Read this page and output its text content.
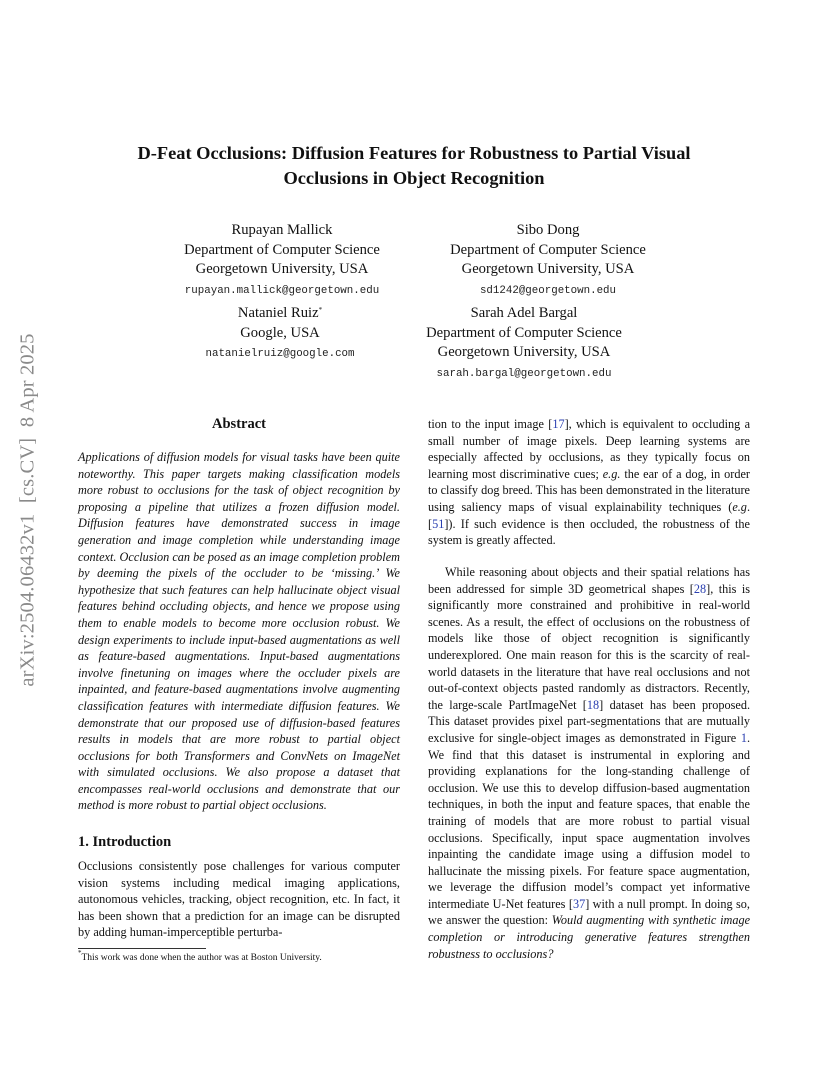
D-Feat Occlusions: Diffusion Features for Robustness to Partial Visual
Occlusions in Object Recognition
Rupayan Mallick
Department of Computer Science
Georgetown University, USA
rupayan.mallick@georgetown.edu
Sibo Dong
Department of Computer Science
Georgetown University, USA
sd1242@georgetown.edu
Nataniel Ruiz*
Google, USA
natanielruiz@google.com
Sarah Adel Bargal
Department of Computer Science
Georgetown University, USA
sarah.bargal@georgetown.edu
arXiv:2504.06432v1  [cs.CV]  8 Apr 2025	Abstract

Applications of diffusion models for visual tasks have been quite noteworthy. This paper targets making classification models more robust to occlusions for the task of object recognition by proposing a pipeline that utilizes a frozen diffusion model. Diffusion features have demonstrated success in image generation and image completion while understanding image context. Occlusion can be posed as an image completion problem by deeming the pixels of the occluder to be ‘missing.’ We hypothesize that such features can help hallucinate object visual features behind occluding objects, and hence we propose using them to enable models to become more occlusion robust. We design experiments to include input-based augmentations as well as feature-based augmentations. Input-based augmentations involve finetuning on images where the occluder pixels are inpainted, and feature-based augmentations involve augmenting classification features with intermediate diffusion features. We demonstrate that our proposed use of diffusion-based features results in models that are more robust to partial object occlusions for both Transformers and ConvNets on ImageNet with simulated occlusions. We also propose a dataset that encompasses real-world occlusions and demonstrate that our method is more robust to partial object occlusions.

1. Introduction

Occlusions consistently pose challenges for various computer vision systems including medical imaging applications, autonomous vehicles, tracking, object recognition, etc. In fact, it has been shown that a prediction for an image can be disrupted by adding human-imperceptible perturba-

*This work was done when the author was at Boston University.

tion to the input image [17], which is equivalent to occluding a small number of image pixels. Deep learning systems are especially affected by occlusions, as they typically focus on learning most discriminative cues; e.g. the ear of a dog, in order to classify dog breed. This has been demonstrated in the literature using saliency maps of visual explainability techniques (e.g. [51]). If such evidence is then occluded, the robustness of the system is greatly affected.

While reasoning about objects and their spatial relations has been addressed for simple 3D geometrical shapes [28], this is significantly more constrained and prohibitive in real-world scenes. As a result, the effect of occlusions on the robustness of models like those of object recognition is significantly underexplored. One main reason for this is the scarcity of real-world datasets in the literature that have real occlusions and not out-of-context objects pasted randomly as distractors. Recently, the large-scale PartImageNet [18] dataset has been proposed. This dataset provides pixel part-segmentations that are mutually exclusive for single-object images as demonstrated in Figure 1. We find that this dataset is instrumental in exploring and providing explanations for the long-standing challenge of occlusion. We use this to develop diffusion-based augmentation techniques, in both the input and feature spaces, that enable the training of models that are more robust to partial visual occlusions. Specifically, input space augmentation involves inpainting the candidate image using a diffusion model to hallucinate the missing pixels. For feature space augmentation, we leverage the diffusion model’s compact yet informative intermediate U-Net features [37] with a null prompt. In doing so, we answer the question: Would augmenting with synthetic image completion or introducing generative features strengthen robustness to occlusions?
